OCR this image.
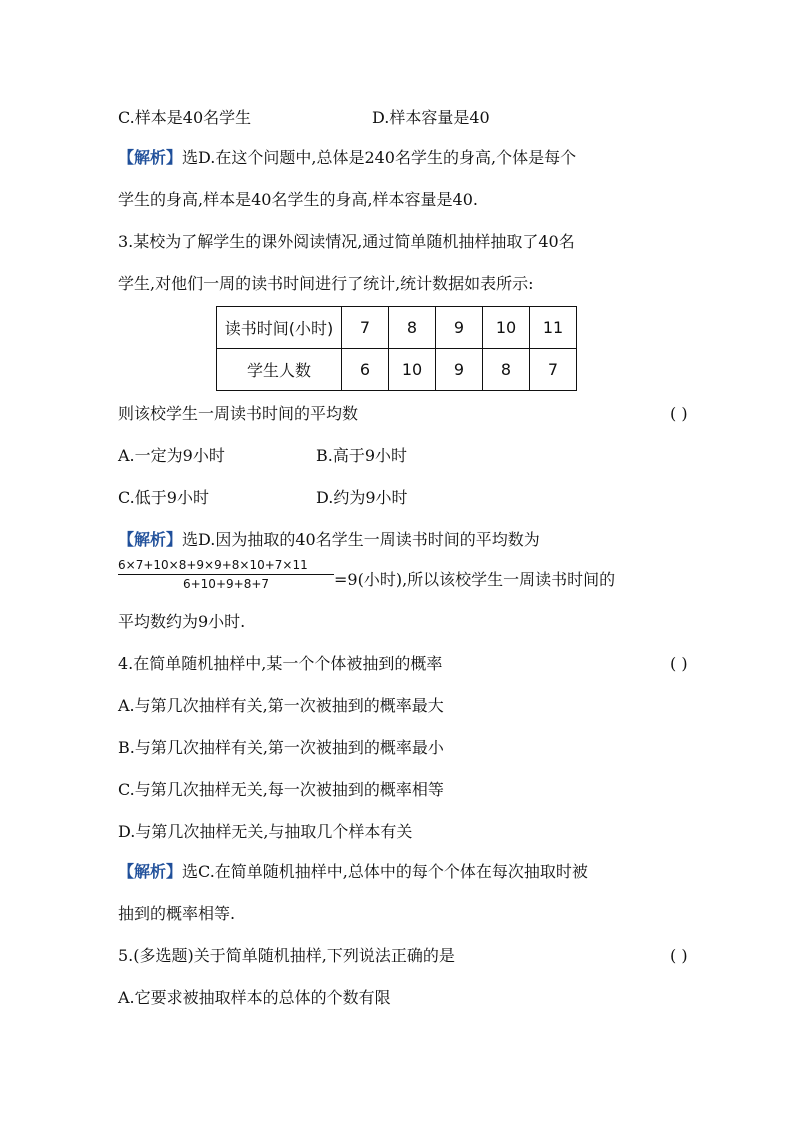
C.样本是40名学生	D.样本容量是40
【解析】选D.在这个问题中,总体是240名学生的身高,个体是每个
学生的身高,样本是40名学生的身高,样本容量是40.
3.某校为了解学生的课外阅读情况,通过简单随机抽样抽取了40名
学生,对他们一周的读书时间进行了统计,统计数据如表所示:
读书时间(小时)	7	8	9	10	11
学生人数	6	10	9	8	7
则该校学生一周读书时间的平均数	( )
A.一定为9小时	B.高于9小时
C.低于9小时	D.约为9小时
【解析】选D.因为抽取的40名学生一周读书时间的平均数为
6×7+10×8+9×9+8×10+7×11
6+10+9+8+7	=9(小时),所以该校学生一周读书时间的
平均数约为9小时.
4.在简单随机抽样中,某一个个体被抽到的概率	( )
A.与第几次抽样有关,第一次被抽到的概率最大
B.与第几次抽样有关,第一次被抽到的概率最小
C.与第几次抽样无关,每一次被抽到的概率相等
D.与第几次抽样无关,与抽取几个样本有关
【解析】选C.在简单随机抽样中,总体中的每个个体在每次抽取时被
抽到的概率相等.
5.(多选题)关于简单随机抽样,下列说法正确的是	( )
A.它要求被抽取样本的总体的个数有限
